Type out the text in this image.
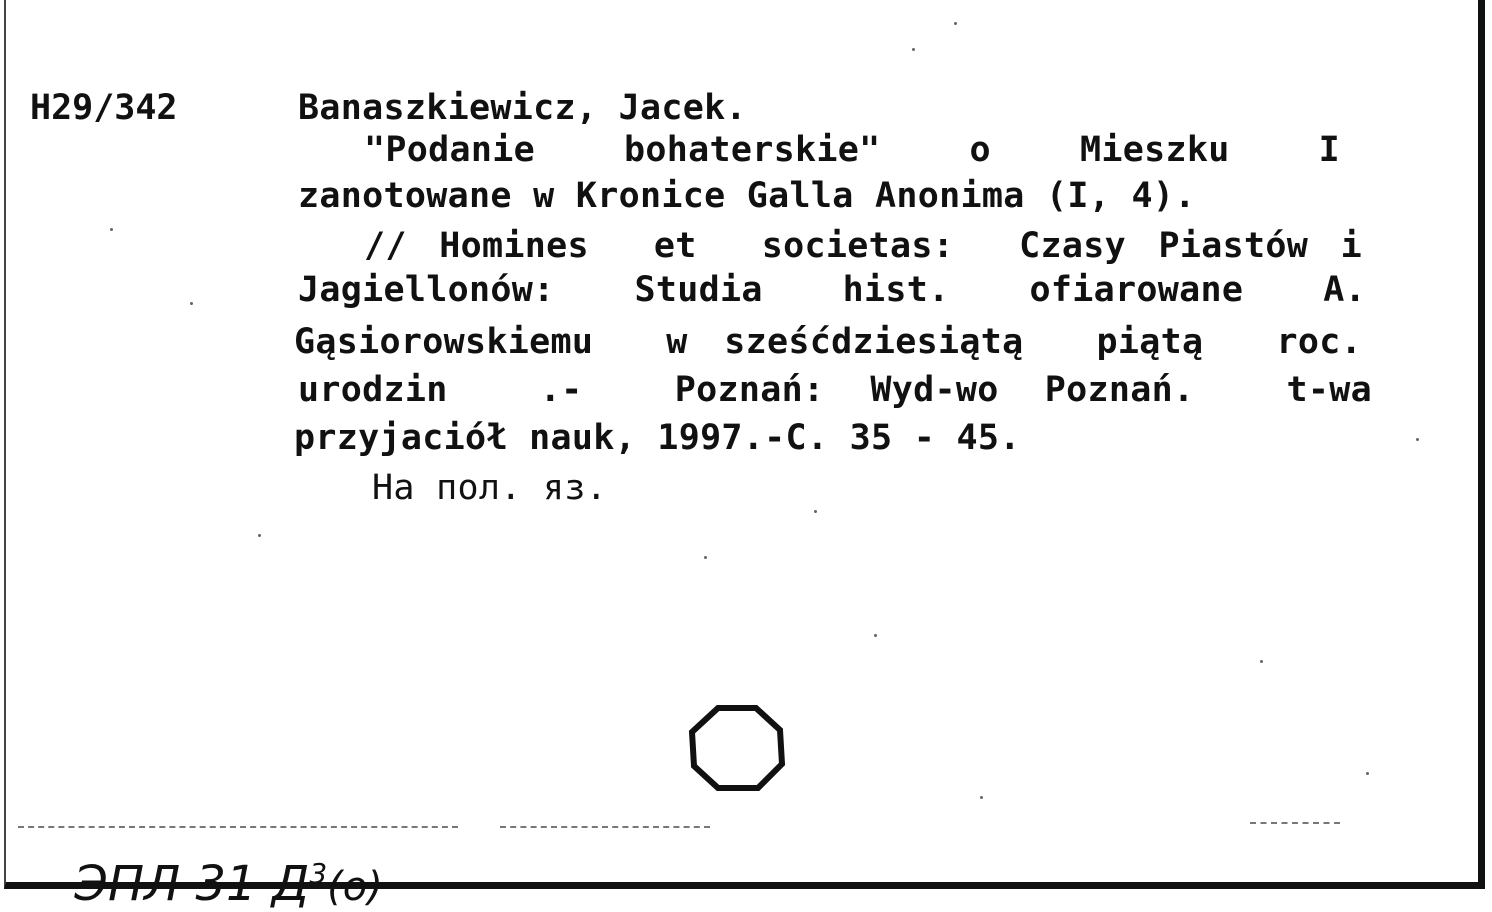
H29/342	Banaszkiewicz, Jacek.
"Podanie  bohaterskie"  o  Mieszku  I
zanotowane w Kronice Galla Anonima (I, 4).
// Homines  et  societas:  Czasy Piastów i
Jagiellonów:  Studia  hist.  ofiarowane  A.
Gąsiorowskiemu  w sześćdziesiątą  piątą  roc.
urodzin  .-  Poznań: Wyd-wo Poznań.  t-wa
przyjaciół nauk, 1997.-C. 35 - 45.
На пол. яз.

ЭПЛ 31 $Д^3(о)$
